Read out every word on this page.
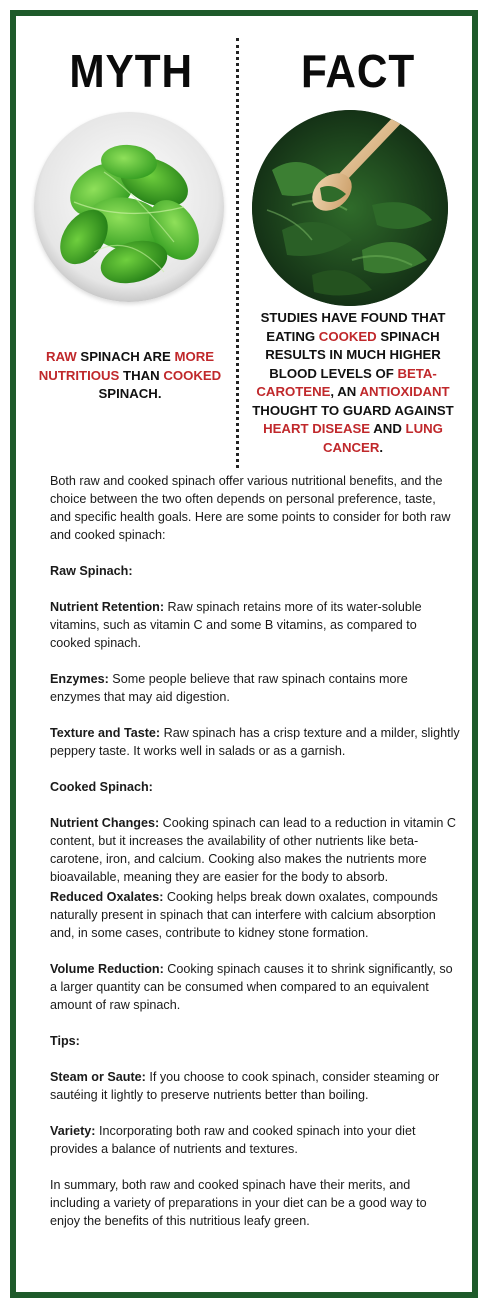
MYTH FACT
RAW SPINACH ARE MORE NUTRITIOUS THAN COOKED SPINACH.
STUDIES HAVE FOUND THAT EATING COOKED SPINACH RESULTS IN MUCH HIGHER BLOOD LEVELS OF BETA-CAROTENE, AN ANTIOXIDANT THOUGHT TO GUARD AGAINST HEART DISEASE AND LUNG CANCER.

Both raw and cooked spinach offer various nutritional benefits, and the choice between the two often depends on personal preference, taste, and specific health goals. Here are some points to consider for both raw and cooked spinach:

Raw Spinach:

Nutrient Retention: Raw spinach retains more of its water-soluble vitamins, such as vitamin C and some B vitamins, as compared to cooked spinach.

Enzymes: Some people believe that raw spinach contains more enzymes that may aid digestion.

Texture and Taste: Raw spinach has a crisp texture and a milder, slightly peppery taste. It works well in salads or as a garnish.

Cooked Spinach:

Nutrient Changes: Cooking spinach can lead to a reduction in vitamin C content, but it increases the availability of other nutrients like beta-carotene, iron, and calcium. Cooking also makes the nutrients more bioavailable, meaning they are easier for the body to absorb.

Reduced Oxalates: Cooking helps break down oxalates, compounds naturally present in spinach that can interfere with calcium absorption and, in some cases, contribute to kidney stone formation.

Volume Reduction: Cooking spinach causes it to shrink significantly, so a larger quantity can be consumed when compared to an equivalent amount of raw spinach.

Tips:

Steam or Saute: If you choose to cook spinach, consider steaming or sautéing it lightly to preserve nutrients better than boiling.

Variety: Incorporating both raw and cooked spinach into your diet provides a balance of nutrients and textures.

In summary, both raw and cooked spinach have their merits, and including a variety of preparations in your diet can be a good way to enjoy the benefits of this nutritious leafy green.
